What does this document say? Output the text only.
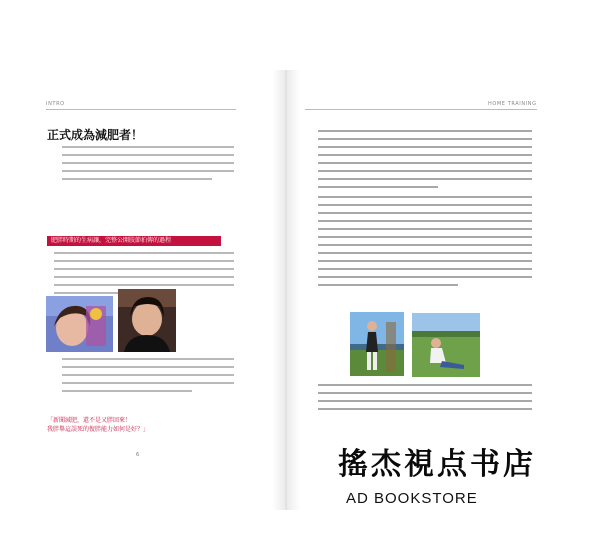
INTRO	HOME TRAINING
正式成為減肥者！
肥胖時期的生病讓，完整公開肢節拍傳的過程
「新聞減肥，還不是又胖回來！
我胖舉這誤死的復胖能力如何是好？」
6	搖杰視点书店
AD BOOKSTORE
